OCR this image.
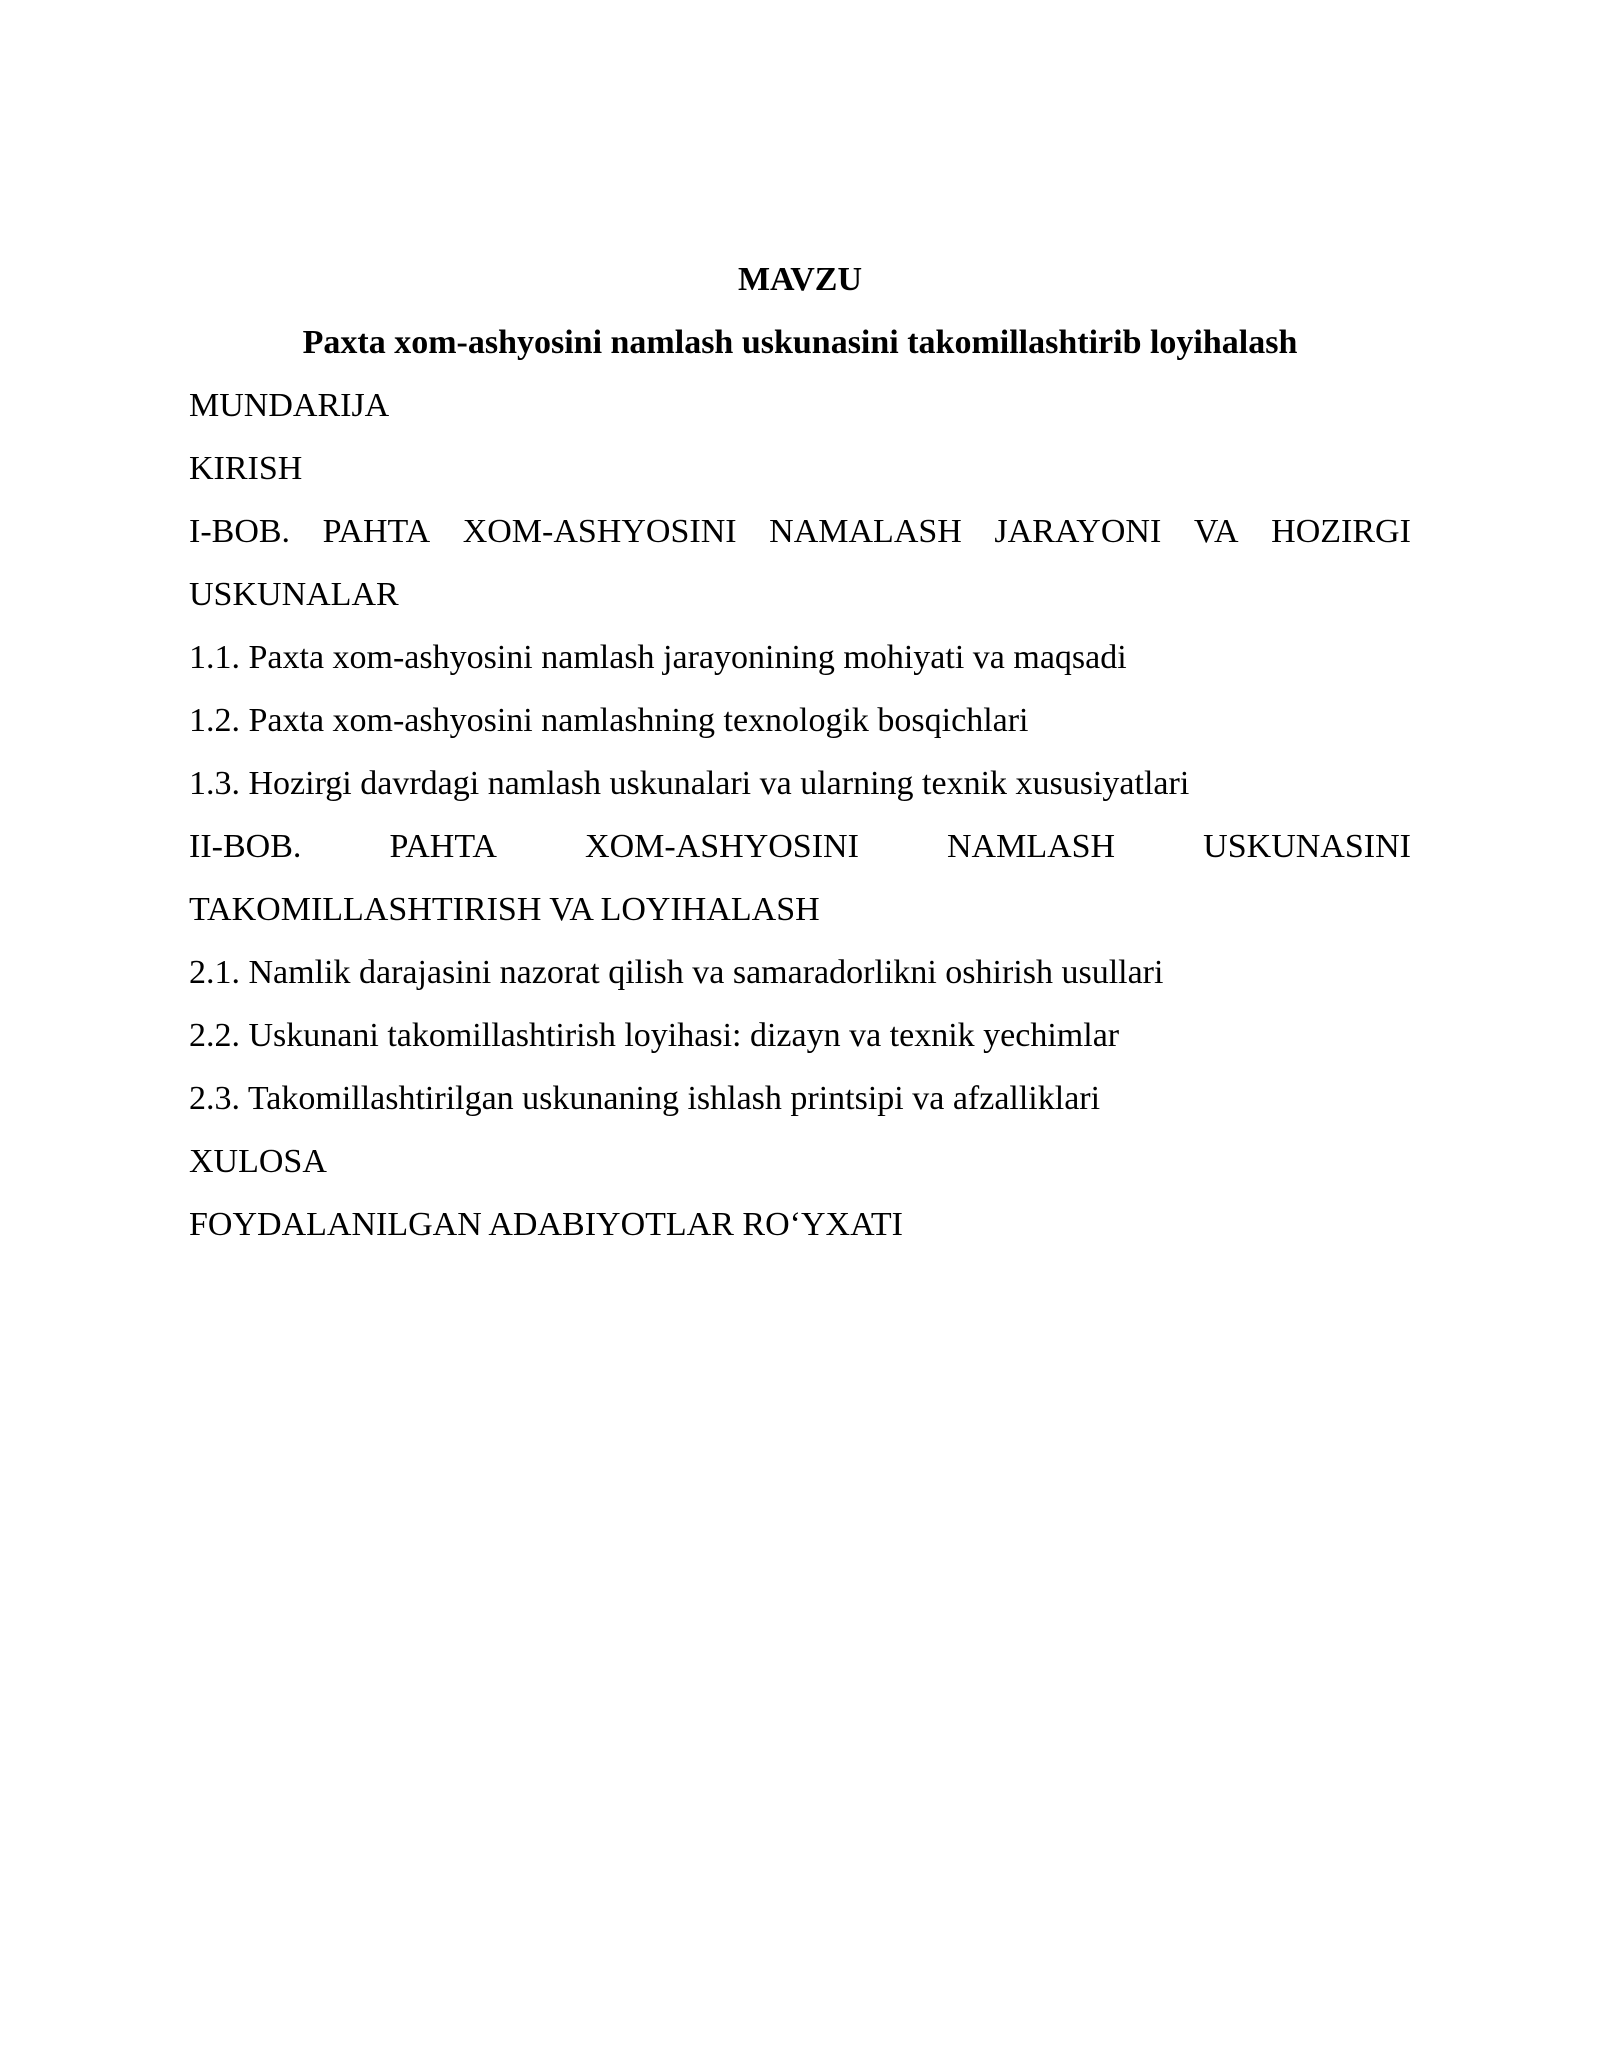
MAVZU

Paxta xom-ashyosini namlash uskunasini takomillashtirib loyihalash

MUNDARIJA

KIRISH

I-BOB. PAHTA XOM-ASHYOSINI NAMALASH JARAYONI VA HOZIRGI

USKUNALAR

1.1. Paxta xom-ashyosini namlash jarayonining mohiyati va maqsadi

1.2. Paxta xom-ashyosini namlashning texnologik bosqichlari

1.3. Hozirgi davrdagi namlash uskunalari va ularning texnik xususiyatlari

II-BOB.	PAHTA	XOM-ASHYOSINI	NAMLASH	USKUNASINI

TAKOMILLASHTIRISH VA LOYIHALASH

2.1. Namlik darajasini nazorat qilish va samaradorlikni oshirish usullari

2.2. Uskunani takomillashtirish loyihasi: dizayn va texnik yechimlar

2.3. Takomillashtirilgan uskunaning ishlash printsipi va afzalliklari

XULOSA

FOYDALANILGAN ADABIYOTLAR RO‘YXATI
